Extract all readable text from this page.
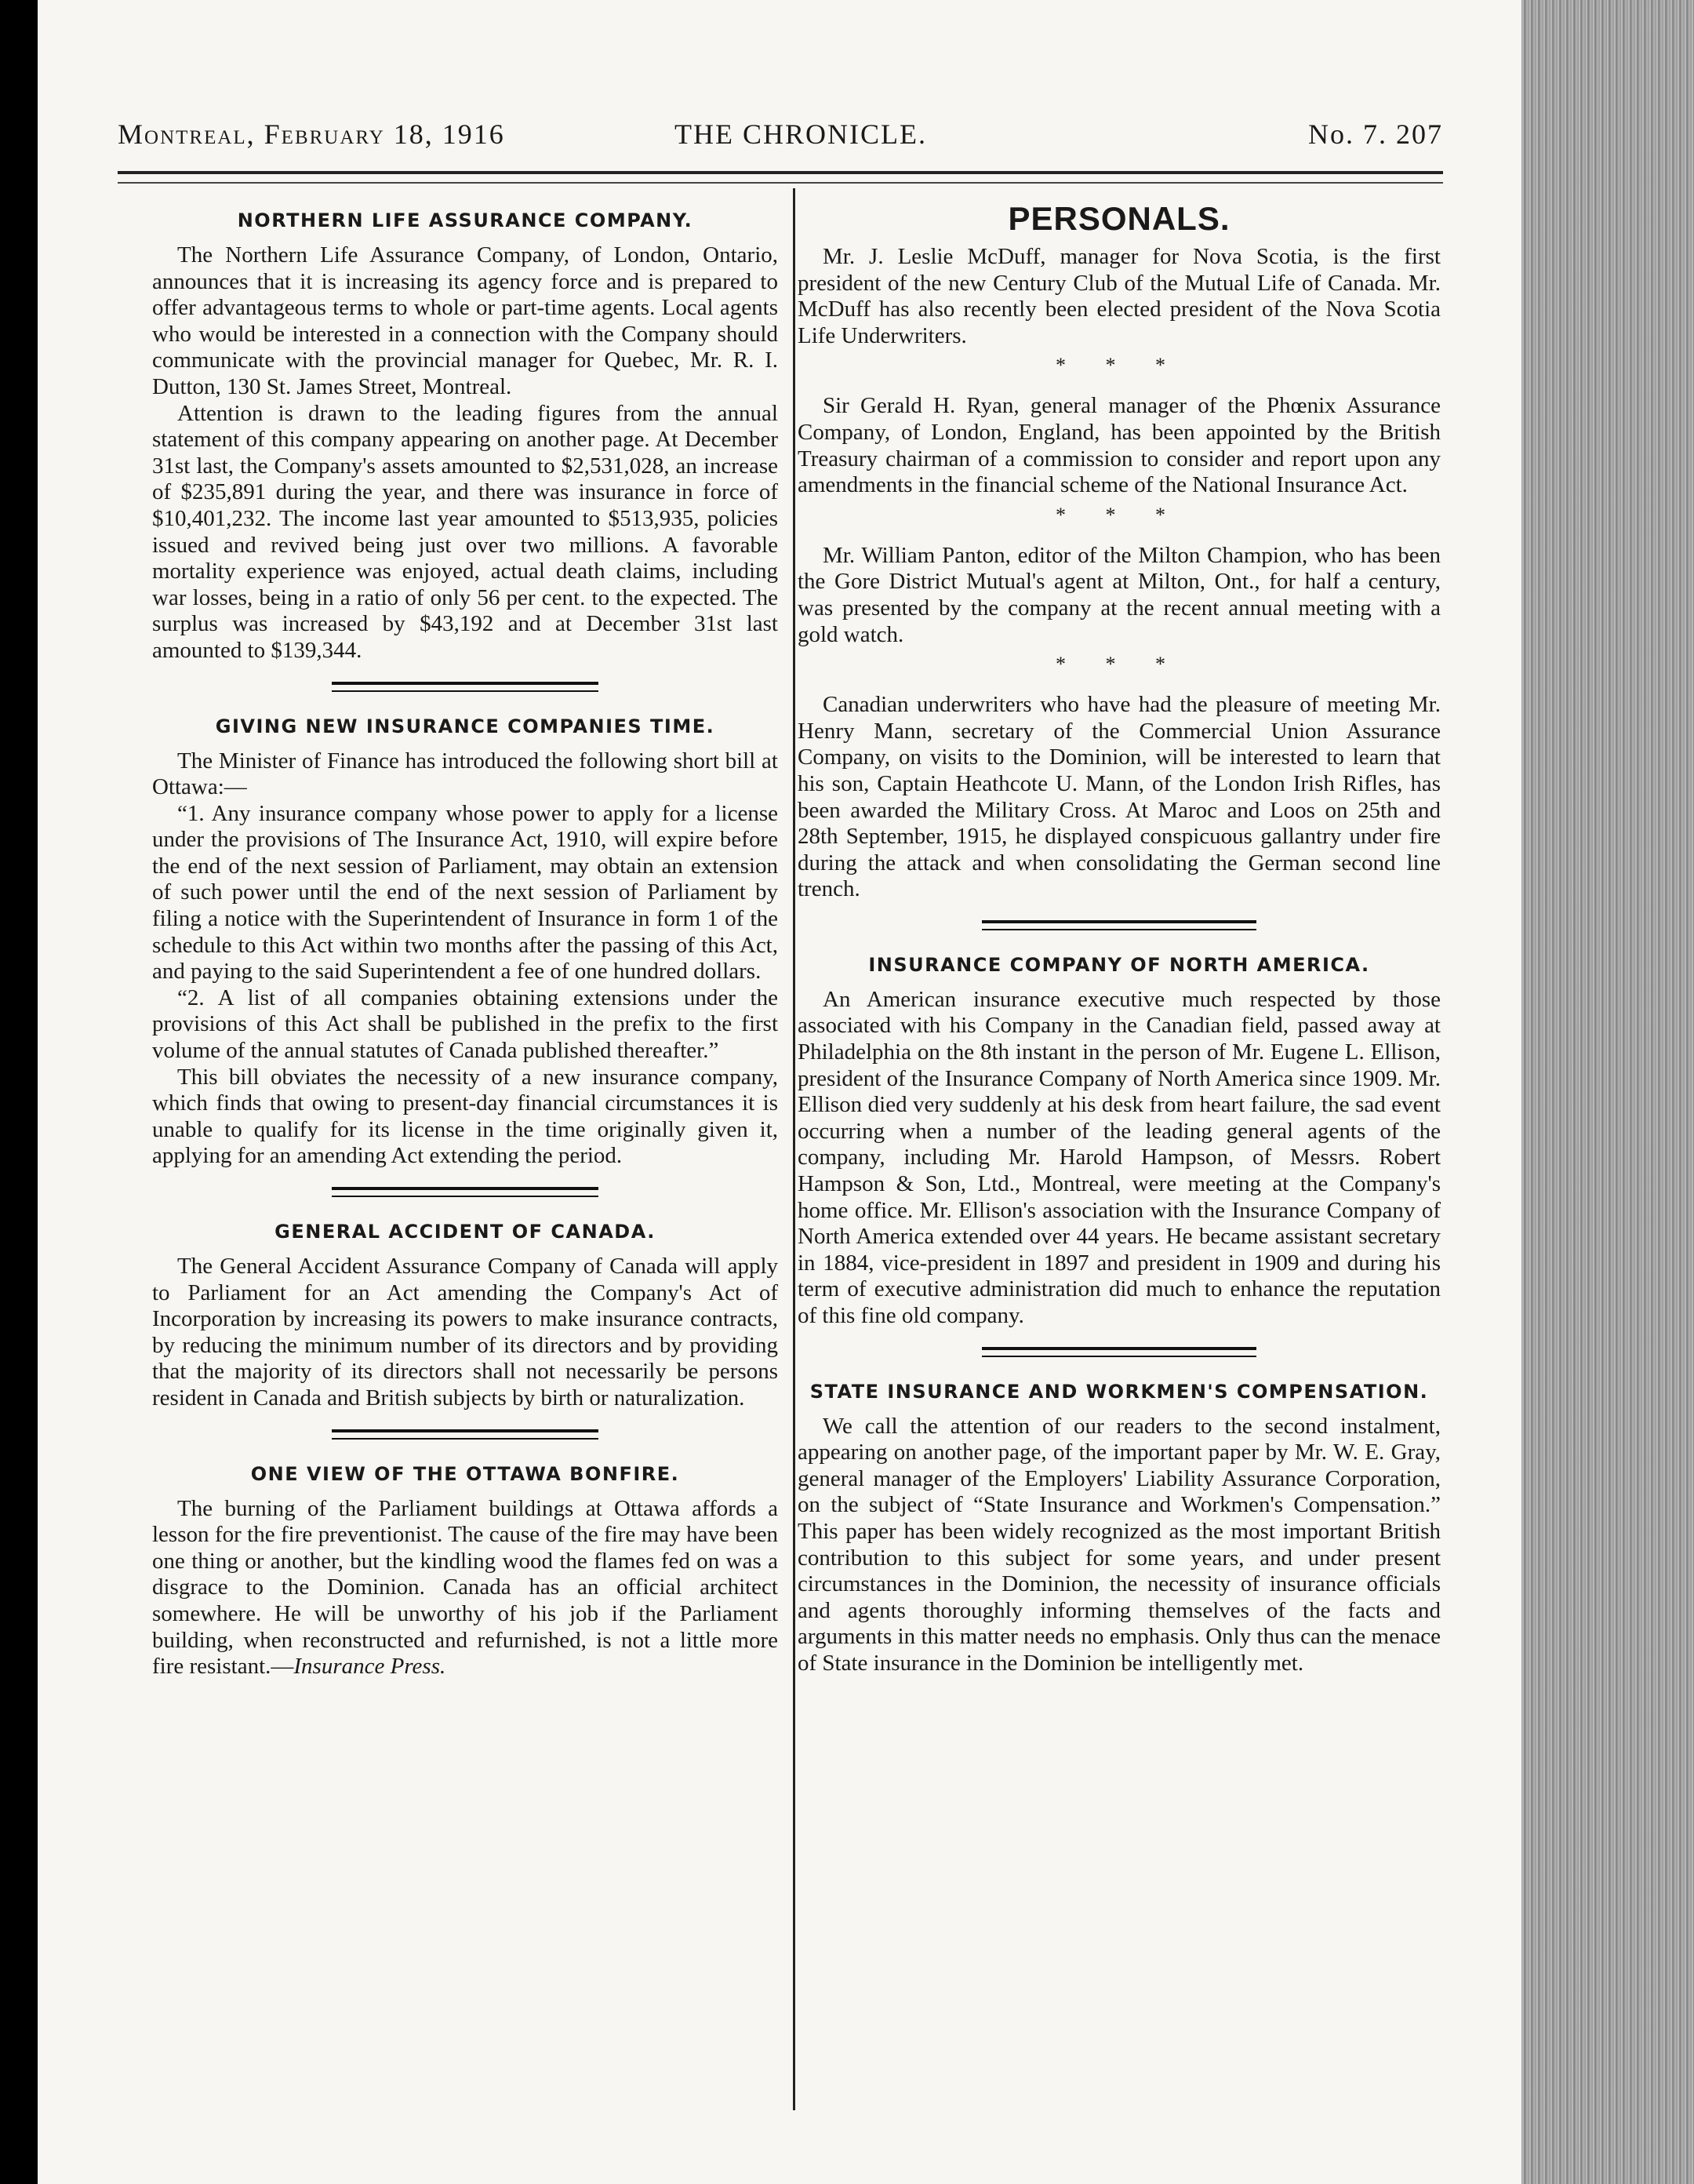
Montreal, February 18, 1916	THE CHRONICLE.	No. 7. 207
NORTHERN LIFE ASSURANCE COMPANY.

The Northern Life Assurance Company, of London, Ontario, announces that it is increasing its agency force and is prepared to offer advantageous terms to whole or part-time agents. Local agents who would be interested in a connection with the Company should communicate with the provincial manager for Quebec, Mr. R. I. Dutton, 130 St. James Street, Montreal.

Attention is drawn to the leading figures from the annual statement of this company appearing on another page. At December 31st last, the Company's assets amounted to $2,531,028, an increase of $235,891 during the year, and there was insurance in force of $10,401,232. The income last year amounted to $513,935, policies issued and revived being just over two millions. A favorable mortality experience was enjoyed, actual death claims, including war losses, being in a ratio of only 56 per cent. to the expected. The surplus was increased by $43,192 and at December 31st last amounted to $139,344.

GIVING NEW INSURANCE COMPANIES TIME.

The Minister of Finance has introduced the following short bill at Ottawa:—

“1. Any insurance company whose power to apply for a license under the provisions of The Insurance Act, 1910, will expire before the end of the next session of Parliament, may obtain an extension of such power until the end of the next session of Parliament by filing a notice with the Superintendent of Insurance in form 1 of the schedule to this Act within two months after the passing of this Act, and paying to the said Superintendent a fee of one hundred dollars.

“2. A list of all companies obtaining extensions under the provisions of this Act shall be published in the prefix to the first volume of the annual statutes of Canada published thereafter.”

This bill obviates the necessity of a new insurance company, which finds that owing to present-day financial circumstances it is unable to qualify for its license in the time originally given it, applying for an amending Act extending the period.

GENERAL ACCIDENT OF CANADA.

The General Accident Assurance Company of Canada will apply to Parliament for an Act amending the Company's Act of Incorporation by increasing its powers to make insurance contracts, by reducing the minimum number of its directors and by providing that the majority of its directors shall not necessarily be persons resident in Canada and British subjects by birth or naturalization.

ONE VIEW OF THE OTTAWA BONFIRE.

The burning of the Parliament buildings at Ottawa affords a lesson for the fire preventionist. The cause of the fire may have been one thing or another, but the kindling wood the flames fed on was a disgrace to the Dominion. Canada has an official architect somewhere. He will be unworthy of his job if the Parliament building, when reconstructed and refurnished, is not a little more fire resistant.—Insurance Press.

PERSONALS.

Mr. J. Leslie McDuff, manager for Nova Scotia, is the first president of the new Century Club of the Mutual Life of Canada. Mr. McDuff has also recently been elected president of the Nova Scotia Life Underwriters.

* * *

Sir Gerald H. Ryan, general manager of the Phœnix Assurance Company, of London, England, has been appointed by the British Treasury chairman of a commission to consider and report upon any amendments in the financial scheme of the National Insurance Act.

* * *

Mr. William Panton, editor of the Milton Champion, who has been the Gore District Mutual's agent at Milton, Ont., for half a century, was presented by the company at the recent annual meeting with a gold watch.

* * *

Canadian underwriters who have had the pleasure of meeting Mr. Henry Mann, secretary of the Commercial Union Assurance Company, on visits to the Dominion, will be interested to learn that his son, Captain Heathcote U. Mann, of the London Irish Rifles, has been awarded the Military Cross. At Maroc and Loos on 25th and 28th September, 1915, he displayed conspicuous gallantry under fire during the attack and when consolidating the German second line trench.

INSURANCE COMPANY OF NORTH AMERICA.

An American insurance executive much respected by those associated with his Company in the Canadian field, passed away at Philadelphia on the 8th instant in the person of Mr. Eugene L. Ellison, president of the Insurance Company of North America since 1909. Mr. Ellison died very suddenly at his desk from heart failure, the sad event occurring when a number of the leading general agents of the company, including Mr. Harold Hampson, of Messrs. Robert Hampson & Son, Ltd., Montreal, were meeting at the Company's home office. Mr. Ellison's association with the Insurance Company of North America extended over 44 years. He became assistant secretary in 1884, vice-president in 1897 and president in 1909 and during his term of executive administration did much to enhance the reputation of this fine old company.

STATE INSURANCE AND WORKMEN'S COMPENSATION.

We call the attention of our readers to the second instalment, appearing on another page, of the important paper by Mr. W. E. Gray, general manager of the Employers' Liability Assurance Corporation, on the subject of “State Insurance and Workmen's Compensation.” This paper has been widely recognized as the most important British contribution to this subject for some years, and under present circumstances in the Dominion, the necessity of insurance officials and agents thoroughly informing themselves of the facts and arguments in this matter needs no emphasis. Only thus can the menace of State insurance in the Dominion be intelligently met.
